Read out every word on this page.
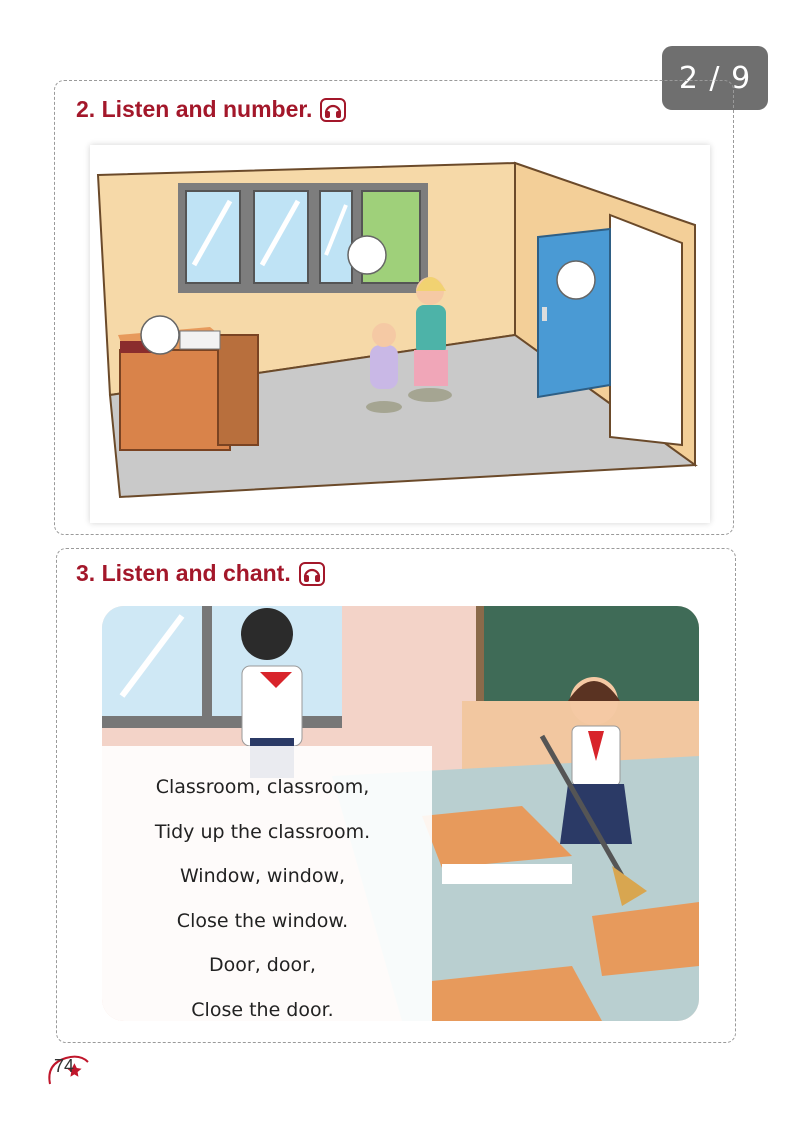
2 / 9
2. Listen and number.
3. Listen and chant.
Classroom, classroom,
Tidy up the classroom.
Window, window,
Close the window.
Door, door,
Close the door.
74
